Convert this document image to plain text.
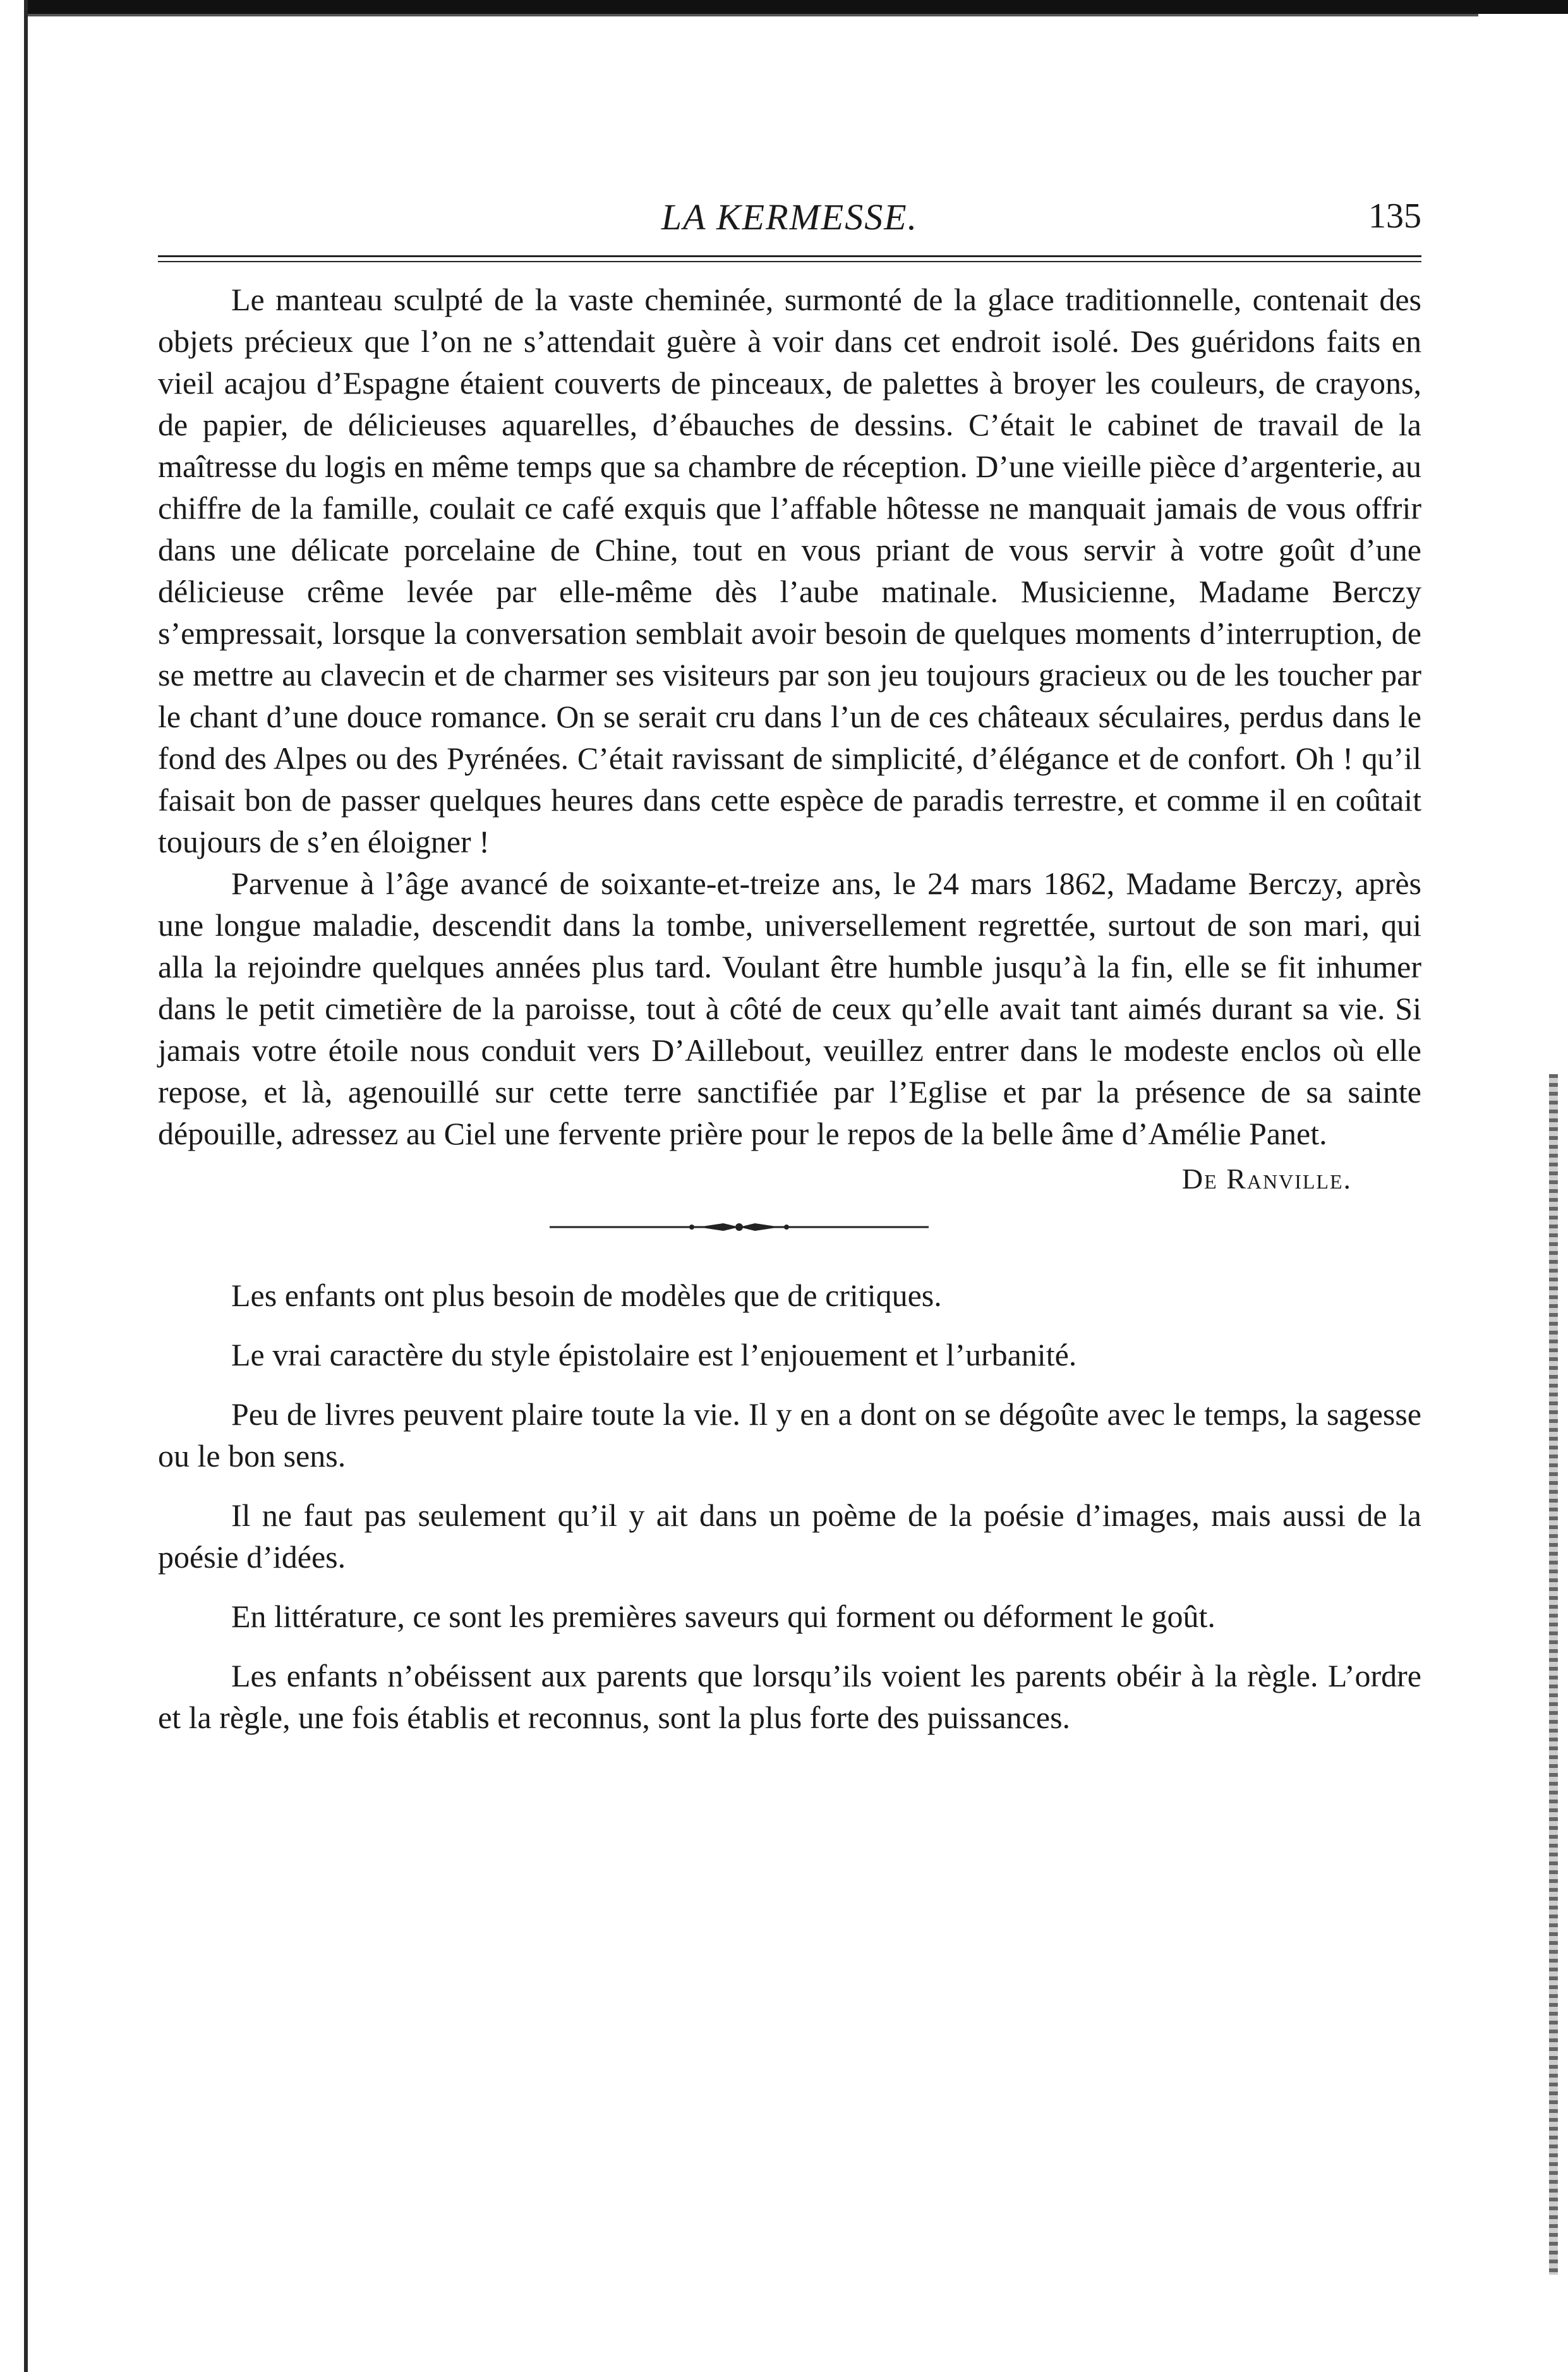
LA KERMESSE.	135

Le manteau sculpté de la vaste cheminée, surmonté de la glace traditionnelle, contenait des objets précieux que l’on ne s’attendait guère à voir dans cet endroit isolé. Des guéridons faits en vieil acajou d’Espagne étaient couverts de pinceaux, de palettes à broyer les couleurs, de crayons, de papier, de délicieuses aquarelles, d’ébauches de dessins. C’était le cabinet de travail de la maîtresse du logis en même temps que sa chambre de réception. D’une vieille pièce d’argenterie, au chiffre de la famille, coulait ce café exquis que l’affable hôtesse ne manquait jamais de vous offrir dans une délicate porcelaine de Chine, tout en vous priant de vous servir à votre goût d’une délicieuse crême levée par elle-même dès l’aube matinale. Musicienne, Madame Berczy s’empressait, lorsque la conversation semblait avoir besoin de quelques moments d’interruption, de se mettre au clavecin et de charmer ses visiteurs par son jeu toujours gracieux ou de les toucher par le chant d’une douce romance. On se serait cru dans l’un de ces châteaux séculaires, perdus dans le fond des Alpes ou des Pyrénées. C’était ravissant de simplicité, d’élégance et de confort. Oh ! qu’il faisait bon de passer quelques heures dans cette espèce de paradis terrestre, et comme il en coûtait toujours de s’en éloigner !

Parvenue à l’âge avancé de soixante-et-treize ans, le 24 mars 1862, Madame Berczy, après une longue maladie, descendit dans la tombe, universellement regrettée, surtout de son mari, qui alla la rejoindre quelques années plus tard. Voulant être humble jusqu’à la fin, elle se fit inhumer dans le petit cimetière de la paroisse, tout à côté de ceux qu’elle avait tant aimés durant sa vie. Si jamais votre étoile nous conduit vers D’Aillebout, veuillez entrer dans le modeste enclos où elle repose, et là, agenouillé sur cette terre sanctifiée par l’Eglise et par la présence de sa sainte dépouille, adressez au Ciel une fervente prière pour le repos de la belle âme d’Amélie Panet.

De Ranville.

Les enfants ont plus besoin de modèles que de critiques.

Le vrai caractère du style épistolaire est l’enjouement et l’urbanité.

Peu de livres peuvent plaire toute la vie. Il y en a dont on se dégoûte avec le temps, la sagesse ou le bon sens.

Il ne faut pas seulement qu’il y ait dans un poème de la poésie d’images, mais aussi de la poésie d’idées.

En littérature, ce sont les premières saveurs qui forment ou déforment le goût.

Les enfants n’obéissent aux parents que lorsqu’ils voient les parents obéir à la règle. L’ordre et la règle, une fois établis et reconnus, sont la plus forte des puissances.
